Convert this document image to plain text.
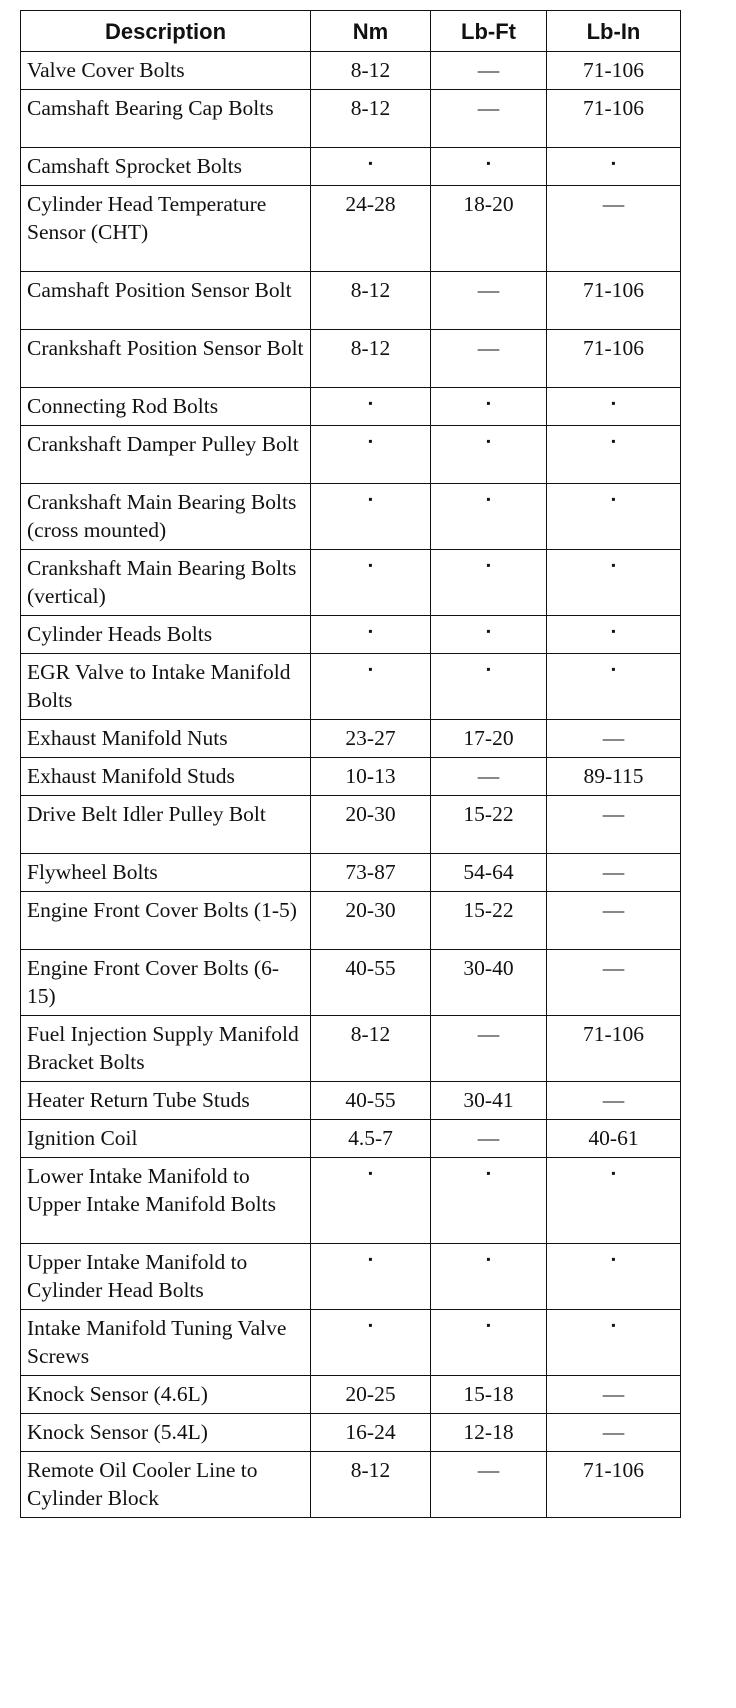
Description	Nm	Lb-Ft	Lb-In
Valve Cover Bolts	8-12	—	71-106
Camshaft Bearing Cap Bolts	8-12	—	71-106
Camshaft Sprocket Bolts	▪	▪	▪
Cylinder Head Temperature Sensor (CHT)	24-28	18-20	—
Camshaft Position Sensor Bolt	8-12	—	71-106
Crankshaft Position Sensor Bolt	8-12	—	71-106
Connecting Rod Bolts	▪	▪	▪
Crankshaft Damper Pulley Bolt	▪	▪	▪
Crankshaft Main Bearing Bolts (cross mounted)	▪	▪	▪
Crankshaft Main Bearing Bolts (vertical)	▪	▪	▪
Cylinder Heads Bolts	▪	▪	▪
EGR Valve to Intake Manifold Bolts	▪	▪	▪
Exhaust Manifold Nuts	23-27	17-20	—
Exhaust Manifold Studs	10-13	—	89-115
Drive Belt Idler Pulley Bolt	20-30	15-22	—
Flywheel Bolts	73-87	54-64	—
Engine Front Cover Bolts (1-5)	20-30	15-22	—
Engine Front Cover Bolts (6-15)	40-55	30-40	—
Fuel Injection Supply Manifold Bracket Bolts	8-12	—	71-106
Heater Return Tube Studs	40-55	30-41	—
Ignition Coil	4.5-7	—	40-61
Lower Intake Manifold to Upper Intake Manifold Bolts	▪	▪	▪
Upper Intake Manifold to Cylinder Head Bolts	▪	▪	▪
Intake Manifold Tuning Valve Screws	▪	▪	▪
Knock Sensor (4.6L)	20-25	15-18	—
Knock Sensor (5.4L)	16-24	12-18	—
Remote Oil Cooler Line to Cylinder Block	8-12	—	71-106
